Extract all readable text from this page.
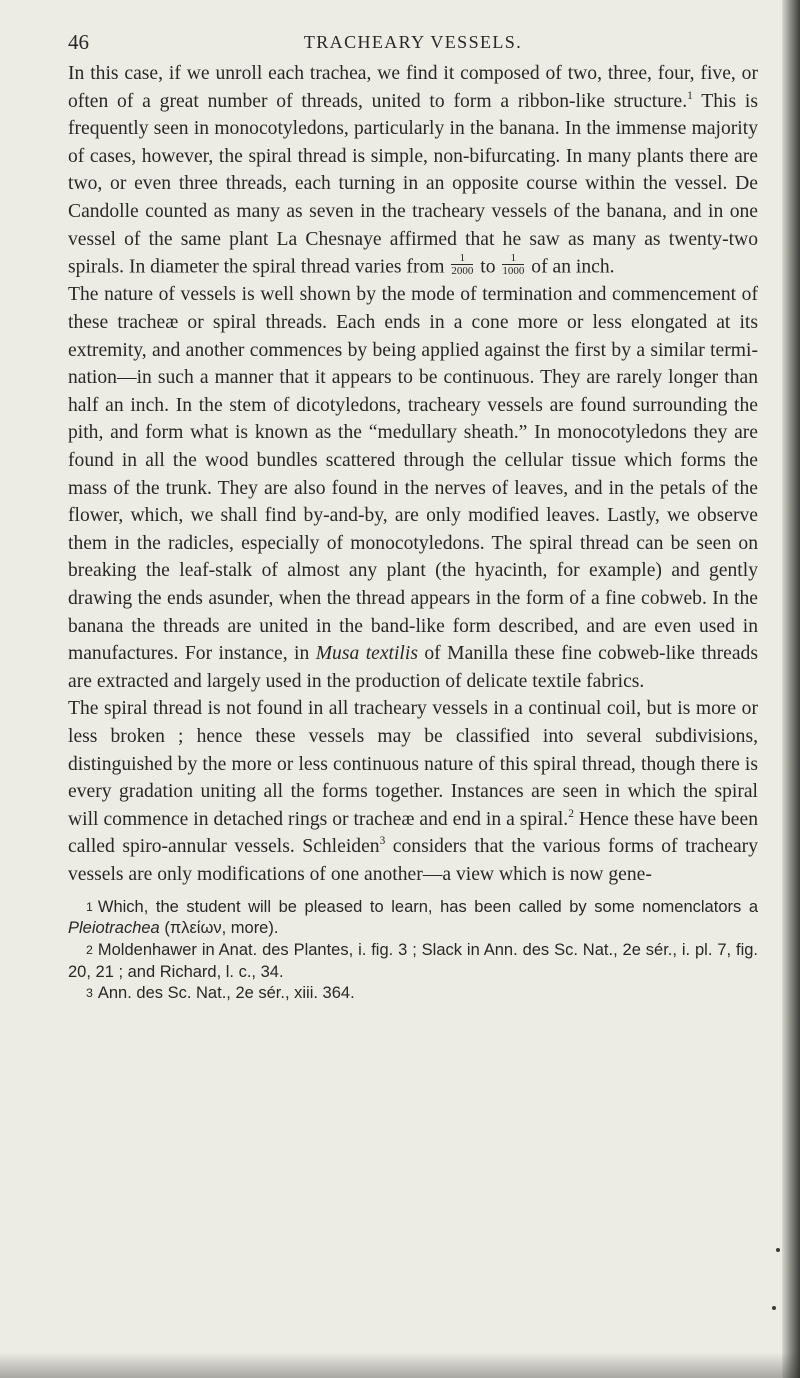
46	TRACHEARY VESSELS.

In this case, if we unroll each trachea, we find it composed of two, three, four, five, or often of a great number of threads, united to form a ribbon-like structure.$^1$ This is frequently seen in monocotyledons, particularly in the banana. In the immense majority of cases, however, the spiral thread is simple, non-bifurcating. In many plants there are two, or even three threads, each turning in an opposite course within the vessel. De Candolle counted as many as seven in the tracheary vessels of the banana, and in one vessel of the same plant La Chesnaye affirmed that he saw as many as twenty-two spirals. In diameter the spiral thread varies from $\frac{1}{2000}$ to $\frac{1}{1000}$ of an inch.

The nature of vessels is well shown by the mode of termination and commencement of these tracheæ or spiral threads. Each ends in a cone more or less elongated at its extremity, and another commences by being applied against the first by a similar termination—in such a manner that it appears to be continuous. They are rarely longer than half an inch. In the stem of dicotyledons, tracheary vessels are found surrounding the pith, and form what is known as the “medullary sheath.” In monocotyledons they are found in all the wood bundles scattered through the cellular tissue which forms the mass of the trunk. They are also found in the nerves of leaves, and in the petals of the flower, which, we shall find by-and-by, are only modified leaves. Lastly, we observe them in the radicles, especially of monocotyledons. The spiral thread can be seen on breaking the leaf-stalk of almost any plant (the hyacinth, for example) and gently drawing the ends asunder, when the thread appears in the form of a fine cobweb. In the banana the threads are united in the band-like form described, and are even used in manufactures. For instance, in Musa textilis of Manilla these fine cobweb-like threads are extracted and largely used in the production of delicate textile fabrics.

The spiral thread is not found in all tracheary vessels in a continual coil, but is more or less broken ; hence these vessels may be classified into several subdivisions, distinguished by the more or less continuous nature of this spiral thread, though there is every gradation uniting all the forms together. Instances are seen in which the spiral will commence in detached rings or tracheæ and end in a spiral.$^2$ Hence these have been called spiro-annular vessels. Schleiden$^3$ considers that the various forms of tracheary vessels are only modifications of one another—a view which is now gene-

1 Which, the student will be pleased to learn, has been called by some nomenclators a Pleiotrachea (πλείων, more).

2 Moldenhawer in Anat. des Plantes, i. fig. 3 ; Slack in Ann. des Sc. Nat., 2e sér., i. pl. 7, fig. 20, 21 ; and Richard, l. c., 34.

3 Ann. des Sc. Nat., 2e sér., xiii. 364.
